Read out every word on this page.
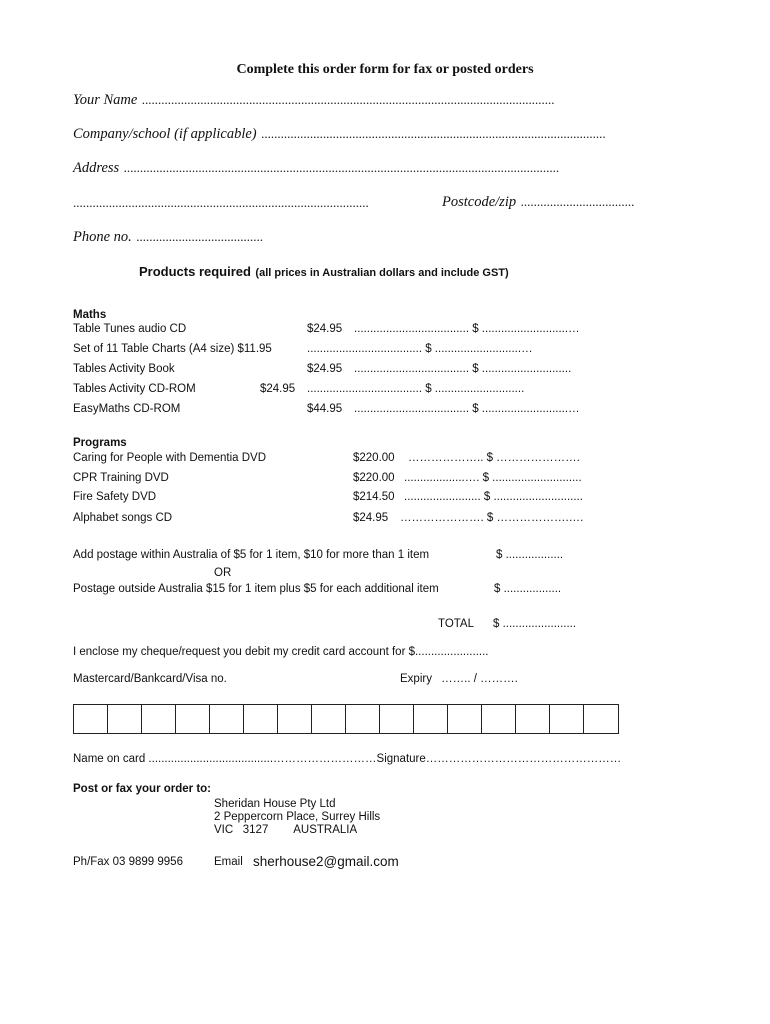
Complete this order form for fax or posted orders
Your Name ...............................................................................................................................
Company/school (if applicable) ..........................................................................................................
Address ......................................................................................................................................
...........................................................................................	Postcode/zip ...................................
Phone no. .......................................
Products required (all prices in Australian dollars and include GST)
Maths
Table Tunes audio CD	$24.95 .................................... $ ...........................…
Set of 11 Table Charts (A4 size) $11.95	.................................... $ ...........................…
Tables Activity Book	$24.95 .................................... $ ............................
Tables Activity CD-ROM	$24.95 .................................... $ ............................
EasyMaths CD-ROM	$44.95 .................................... $ ...........................…
Programs
Caring for People with Dementia DVD	$220.00 ……………….. $ ………………….
CPR Training DVD	$220.00 ...................…. $ ............................
Fire Safety DVD	$214.50 ........................ $ ............................
Alphabet songs CD	$24.95 …………………. $ ……………….….
Add postage within Australia of $5 for 1 item, $10 for more than 1 item	$ ..................
OR
Postage outside Australia $15 for 1 item plus $5 for each additional item	$ ..................
TOTAL $ .......................
I enclose my cheque/request you debit my credit card account for $.......................
Mastercard/Bankcard/Visa no.	Expiry …….. / ……….
Name on card .......................................………………………Signature……………………………………………
Post or fax your order to:
Sheridan House Pty Ltd
2 Peppercorn Place, Surrey Hills
VIC   3127        AUSTRALIA
Ph/Fax 03 9899 9956	Email sherhouse2@gmail.com
